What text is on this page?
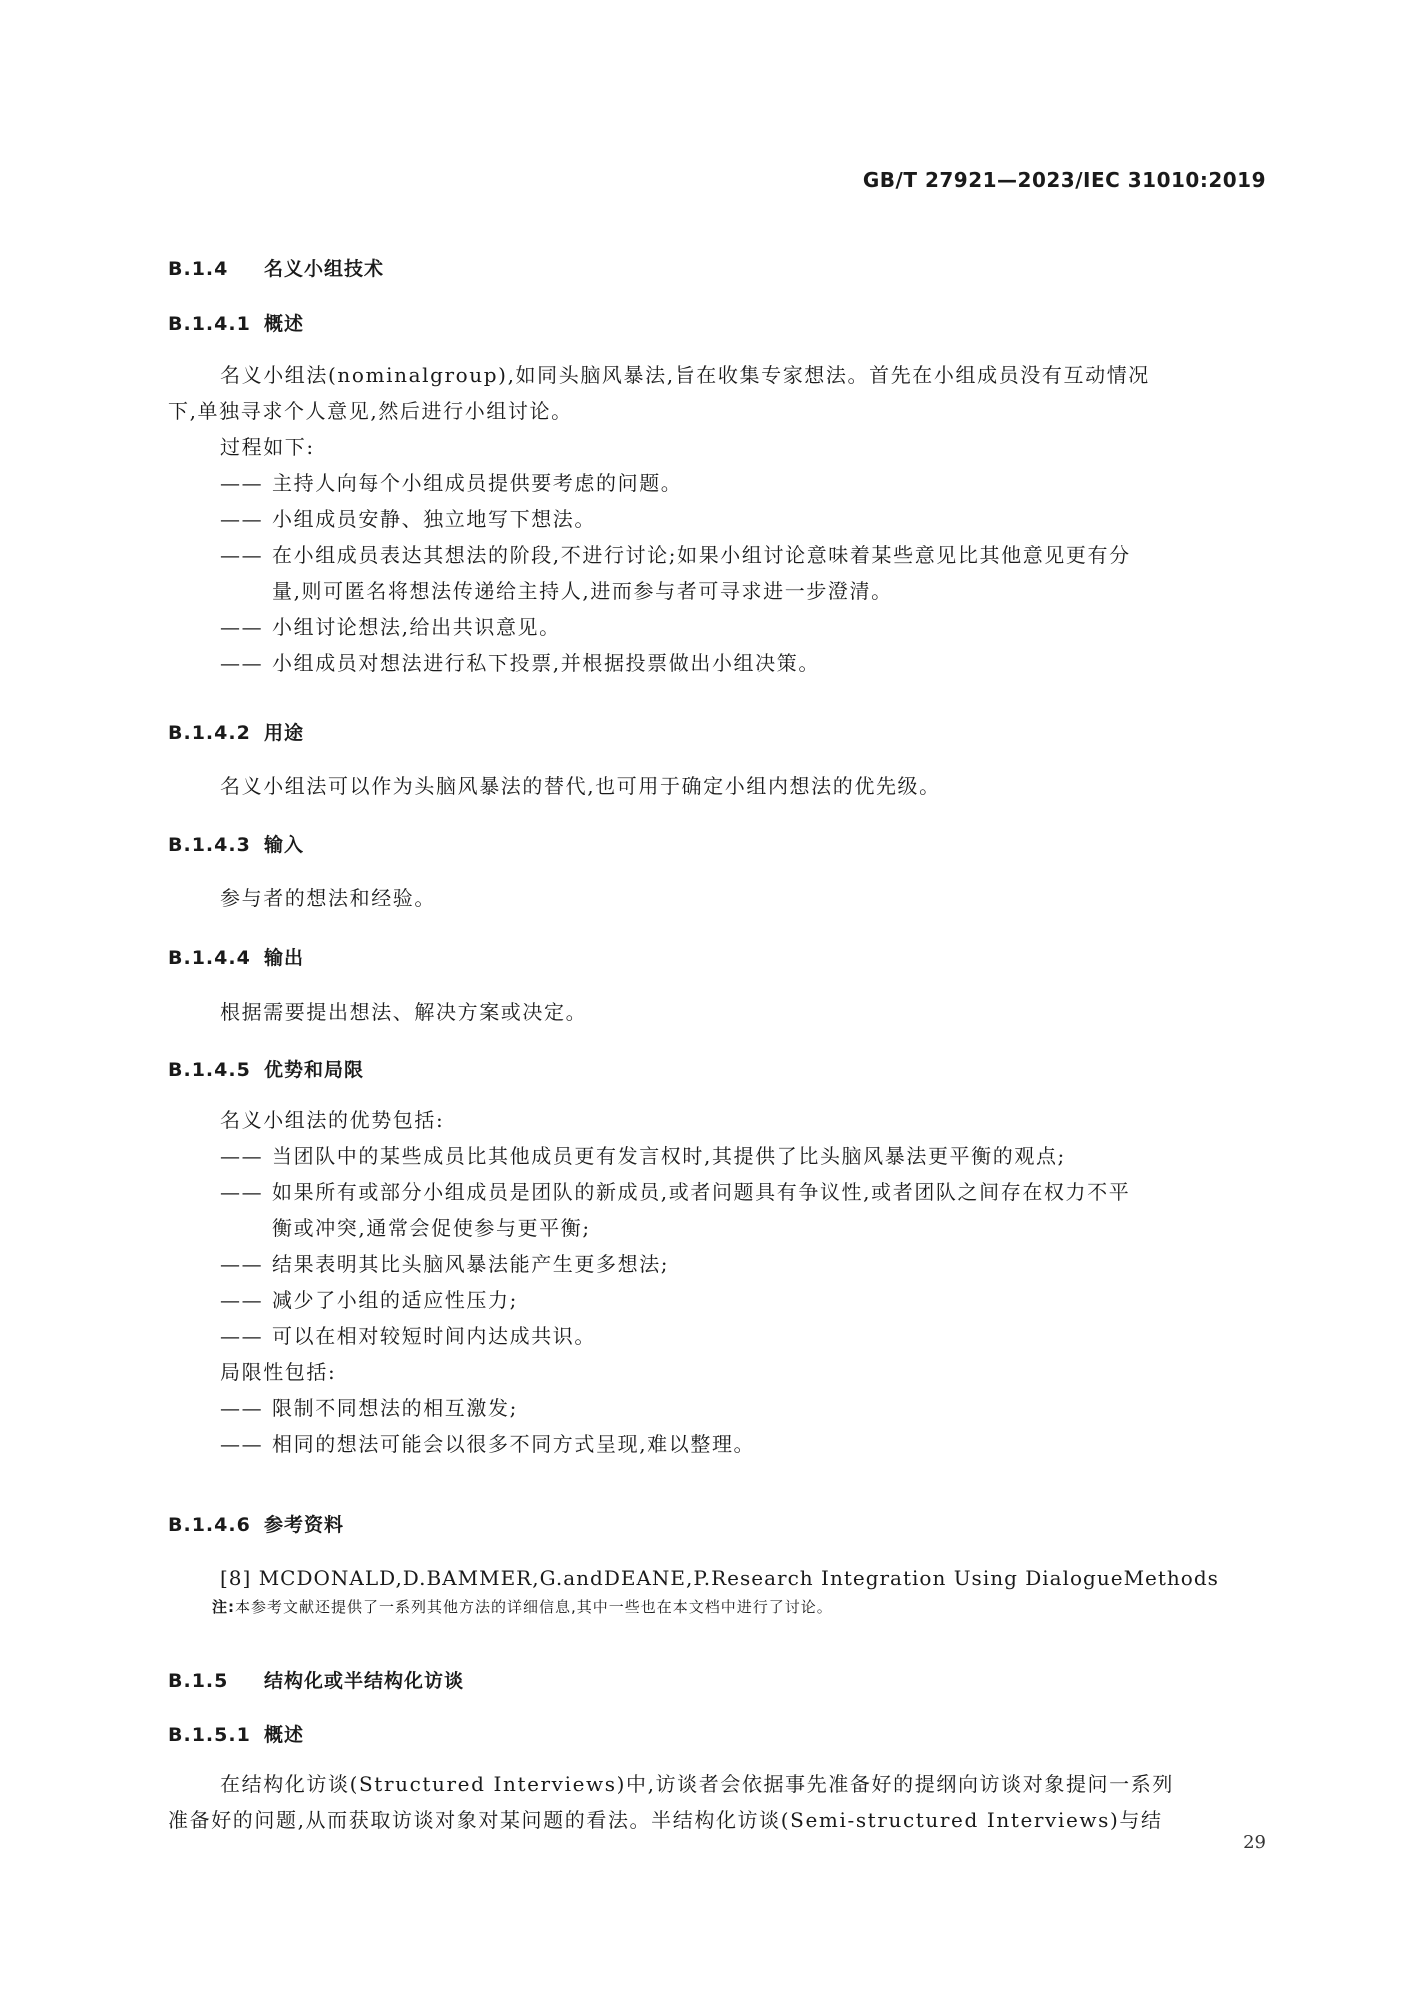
GB/T 27921—2023/IEC 31010:2019
B.1.4 名义小组技术
B.1.4.1 概述
名义小组法(nominalgroup),如同头脑风暴法,旨在收集专家想法。首先在小组成员没有互动情况
下,单独寻求个人意见,然后进行小组讨论。
过程如下:
—— 主持人向每个小组成员提供要考虑的问题。
—— 小组成员安静、独立地写下想法。
—— 在小组成员表达其想法的阶段,不进行讨论;如果小组讨论意味着某些意见比其他意见更有分
量,则可匿名将想法传递给主持人,进而参与者可寻求进一步澄清。
—— 小组讨论想法,给出共识意见。
—— 小组成员对想法进行私下投票,并根据投票做出小组决策。
B.1.4.2 用途
名义小组法可以作为头脑风暴法的替代,也可用于确定小组内想法的优先级。
B.1.4.3 输入
参与者的想法和经验。
B.1.4.4 输出
根据需要提出想法、解决方案或决定。
B.1.4.5 优势和局限
名义小组法的优势包括:
—— 当团队中的某些成员比其他成员更有发言权时,其提供了比头脑风暴法更平衡的观点;
—— 如果所有或部分小组成员是团队的新成员,或者问题具有争议性,或者团队之间存在权力不平
衡或冲突,通常会促使参与更平衡;
—— 结果表明其比头脑风暴法能产生更多想法;
—— 减少了小组的适应性压力;
—— 可以在相对较短时间内达成共识。
局限性包括:
—— 限制不同想法的相互激发;
—— 相同的想法可能会以很多不同方式呈现,难以整理。
B.1.4.6 参考资料
[8] MCDONALD,D.BAMMER,G.andDEANE,P.Research Integration Using DialogueMethods
注:本参考文献还提供了一系列其他方法的详细信息,其中一些也在本文档中进行了讨论。
B.1.5 结构化或半结构化访谈
B.1.5.1 概述
在结构化访谈(Structured Interviews)中,访谈者会依据事先准备好的提纲向访谈对象提问一系列
准备好的问题,从而获取访谈对象对某问题的看法。半结构化访谈(Semi-structured Interviews)与结
29
